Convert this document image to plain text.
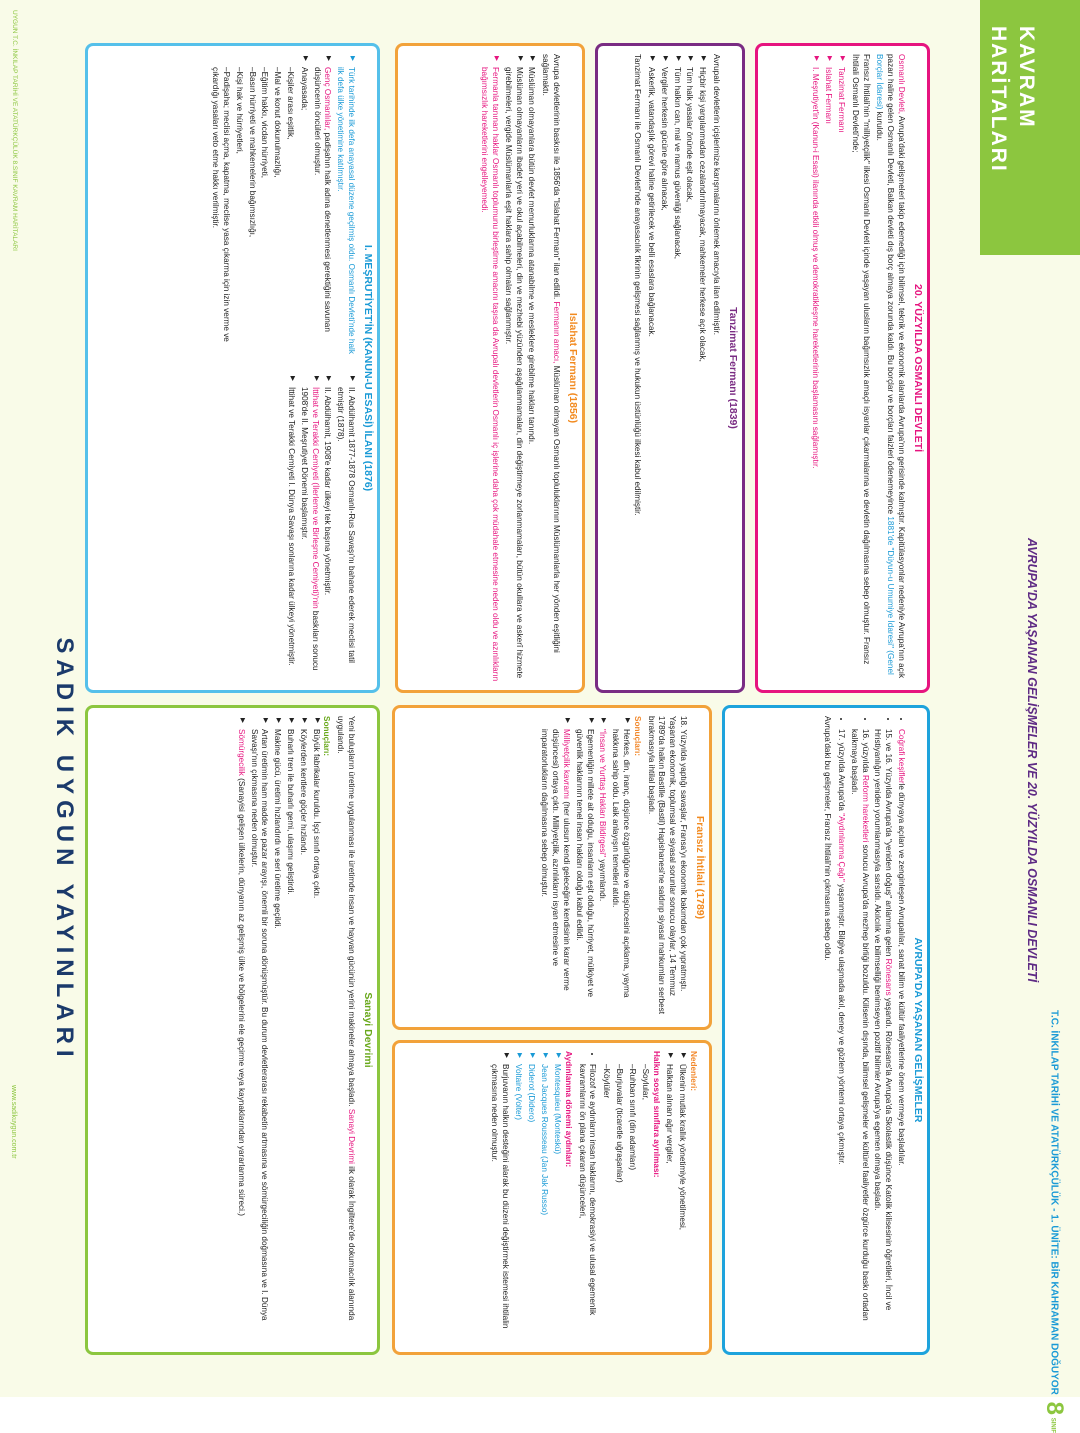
KAVRAM HARİTALARI
T.C. İNKILAP TARİHİ VE ATATÜRKÇÜLÜK - 1. ÜNİTE: BİR KAHRAMAN DOĞUYOR 8 SINIF
AVRUPA'DA YAŞANAN GELİŞMELER VE 20. YÜZYILDA OSMANLI DEVLETİ
AVRUPA'DA YAŞANAN GELİŞMELER
• Coğrafi keşiflerle dünyaya açılan ve zenginleşen Avrupalılar, sanat bilim ve kültür faaliyetlerine önem vermeye başladılar.
• 15. ve 16. Yüzyılda Avrupa'da "yeniden doğuş" anlamına gelen Rönesans yaşandı. Rönesans'la Avrupa'da Skolastik düşünce Katolik kilisesinin öğretileri, İncil ve Hristiyanlığın yeniden yorumlanmasıyla sarsıldı. Akılcılık ve bilimselliği benimseyen pozitif bilimler Avrupa'ya egemen olmaya başladı.
• 16. yüzyılda Reform hareketleri sonucu Avrupa'da mezhep birliği bozuldu. Kilisenin dışında, bilimsel gelişmeler ve kültürel faaliyetler özgürce kurduğu baskı ortadan kalkmaya başladı.
• 17. yüzyılda Avrupa'da "Aydınlanma Çağı" yaşanmıştır. Bilgiye ulaşmada akıl, deney ve gözlem yöntemi ortaya çıkmıştır.

Avrupa'daki bu gelişmeler, Fransız İhtilali'nin çıkmasına sebep oldu.

Fransız İhtilali (1789)

18. Yüzyılda yaptığı savaşlar, Fransa'yı ekonomik bakımdan çok yıpratmıştı. Yaşanan ekonomik, toplumsal ve siyasal sorunlar sonucu olaylar, 14 Temmuz 1789'da halkın Bastille (Bastil) Hapishanesi'ne saldırıp siyasal mahkumları serbest bırakmasıyla ihtilal başladı.

Sonuçları:
▶ Herkes, din, inanç, düşünce özgürlüğüne ve düşüncesini açıklama, yayma hakkına sahip oldu. Laik anlayışın temelleri atıldı.
▶ "İnsan ve Yurttaş Hakları Bildirgesi" yayımlandı.
▶ Egemenliğin millete ait olduğu, insanların eşit olduğu, hürriyet, mülkiyet ve güvenlik haklarının temel insan hakları olduğu kabul edildi.
▶ Milliyetçilik kavramı (her ulusun kendi geleceğine kendisinin karar verme düşüncesi) ortaya çıktı. Milliyetçilik, azınlıkların isyan etmesine ve imparatorlukların dağılmasına sebep olmuştur.
Nedenleri:
▶ Ülkenin mutlak krallık yönetimiyle yönetilmesi,
▶ Halktan alınan ağır vergiler,
Halkın sosyal sınıflara ayrılması:
– Soylular,
– Ruhban sınıfı (din adamları)
– Burjuvalar (ticaretle uğraşanlar)
– Köylüler
• Filozof ve aydınların insan haklarını, demokrasiyi ve ulusal egemenlik kavramlarını ön plana çıkaran düşünceleri,
Aydınlanma dönemi aydınları:
▶ Montesquieu (Monteskü)
▶ Jean Jacques Rousseau (Jan Jak Russo)
▶ Diderot (Didero)
▶ Voltaire (Volter)
▶ Burjuvanın halkın desteğini alarak bu düzeni değiştirmek istemesi ihtilalin çıkmasına neden olmuştur.
Sanayi Devrimi

Yeni buluşların üretime uygulanması ile üretimde insan ve hayvan gücünün yerini makineler almaya başladı. Sanayi Devrimi ilk olarak İngiltere'de dokumacılık alanında uygulandı.

Sonuçları:
▶ Büyük fabrikalar kuruldu. İşçi sınıfı ortaya çıktı.
▶ Köylerden kentlere göçler hızlandı.
▶ Buharlı tren ile buharlı gemi, ulaşımı geliştirdi.
▶ Makine gücü, üretimi hızlandırdı ve seri üretime geçildi.
▶ Artan üretimin ham madde ve pazar arayışı, önemli bir soruna dönüşmüştür. Bu durum devletlerarası rekabetin artmasına ve sömürgeciliğin doğmasına ve I. Dünya Savaşı'nın çıkmasına neden olmuştur.
▶ Sömürgecilik (Sanayisi gelişen ülkelerin, dünyanın az gelişmiş ülke ve bölgelerini ele geçirme veya kaynaklarından yararlanma süreci.)
20. YÜZYILDA OSMANLI DEVLETİ

Osmanlı Devleti, Avrupa'daki gelişmeleri takip edemediği için bilimsel, teknik ve ekonomik alanlarda Avrupa'nın gerisinde kalmıştır. Kapitülasyonlar nedeniyle Avrupa'nın açık pazarı haline gelen Osmanlı Devleti, Balkan devleti dış borç almaya zorunda kaldı. Bu borçlar ve borçları faizleri ödenemeyince 1881'de "Düyun-u Umumiye İdaresi" (Genel Borçlar İdaresi) kuruldu.

Fransız İhtilali'nin "milliyetçilik" ilkesi Osmanlı Devleti içinde yaşayan ulusların bağımsızlık amaçlı isyanlar çıkarmalarına ve devletin dağılmasına sebep olmuştur. Fransız İhtilali Osmanlı Devleti'nde;

▶ Tanzimat Fermanı
▶ Islahat Fermanı
▶ I. Meşrutiyet'in (Kanun-i Esasi) ilanında etkili olmuş ve demokratikleşme hareketlerinin başlamasını sağlamıştır.
Tanzimat Fermanı (1839)

Avrupalı devletlerin içişlerimize karışmalarını önlemek amacıyla ilan edilmiştir.

▶ Hiçbir kişi yargılanmadan cezalandırılmayacak, mahkemeler herkese açık olacak,
▶ Tüm halk yasalar önünde eşit olacak,
▶ Tüm halkın can, mal ve namus güvenliği sağlanacak,
▶ Vergiler herkesin gücüne göre alınacak,
▶ Askerlik, vatandaşlık görevi haline getirilecek ve belli esaslara bağlanacak.

Tanzimat Fermanı ile Osmanlı Devleti'nde anayasacılık fikrinin gelişmesi sağlanmış ve hukukun üstünlüğü ilkesi kabul edilmiştir.

Islahat Fermanı (1856)

Avrupa devletlerinin baskısı ile 1856'da "Islahat Fermanı" ilan edildi. Fermanın amacı, Müslüman olmayan Osmanlı topluluklarının Müslümanlarla her yönden eşitliğini sağlamaktı.

▶ Müslüman olmayanlara bütün devlet memurluklarına atanabilme ve mesleklere girebilme hakları tanındı.
▶ Müslüman olmayanların ibadet yeri ve okul açabilmeleri, din ve mezhebi yüzünden aşağılanmamaları, din değiştirmeye zorlanmamaları, bütün okullara ve askerî hizmete girebilmeleri, vergide Müslümanlarla eşit haklara sahip olmaları sağlanmıştır.
▶ Fermanla tanınan haklar Osmanlı toplumunu birleştirme amacını taşısa da Avrupalı devletlerin Osmanlı iç işlerine daha çok müdahale etmesine neden oldu ve azınlıkların bağımsızlık hareketlerini engelleyemedi.
I. MEŞRUTİYET'İN (KANUN-U ESASİ) İLANI (1876)
▶ Türk tarihinde ilk defa anayasal düzene geçilmiş oldu. Osmanlı Devleti'nde halk ilk defa ülke yönetimine katılmıştır.
▶ Genç Osmanlılar, padişahın halk adına denetlenmesi gerektiğini savunan düşüncenin öncüleri olmuştur.
▶ Anayasada;
– Kişiler arası eşitlik,
– Mal ve konut dokunulmazlığı,
– Eğitim hakkı, vicdan hürriyeti,
– Basın hürriyeti ve mahkemelerin bağımsızlığı,
– Kişi hak ve hürriyetleri,
– Padişaha; meclisi açma, kapatma, meclise yasa çıkarma için izin verme ve çıkardığı yasaları veto etme hakkı verilmiştir.
▶ II. Abdülhamit 1877-1878 Osmanlı-Rus Savaşı'nı bahane ederek meclisi tatil etmiştir (1878).
▶ II. Abdülhamit, 1908'e kadar ülkeyi tek başına yönetmiştir.
▶ İttihat ve Terakki Cemiyeti (İlerleme ve Birleşme Cemiyeti)'nin baskıları sonucu 1908'de II. Meşrutiyet Dönemi başlamıştır.
▶ İttihat ve Terakki Cemiyeti I. Dünya Savaşı sonlarına kadar ülkeyi yönetmiştir.
SADIK UYGUN YAYINLARI
www.sadikuygun.com.tr
UYGUN T.C. İNKILAP TARİHİ VE ATATÜRKÇÜLÜK 8.SINIF KAVRAM HARİTALARI
